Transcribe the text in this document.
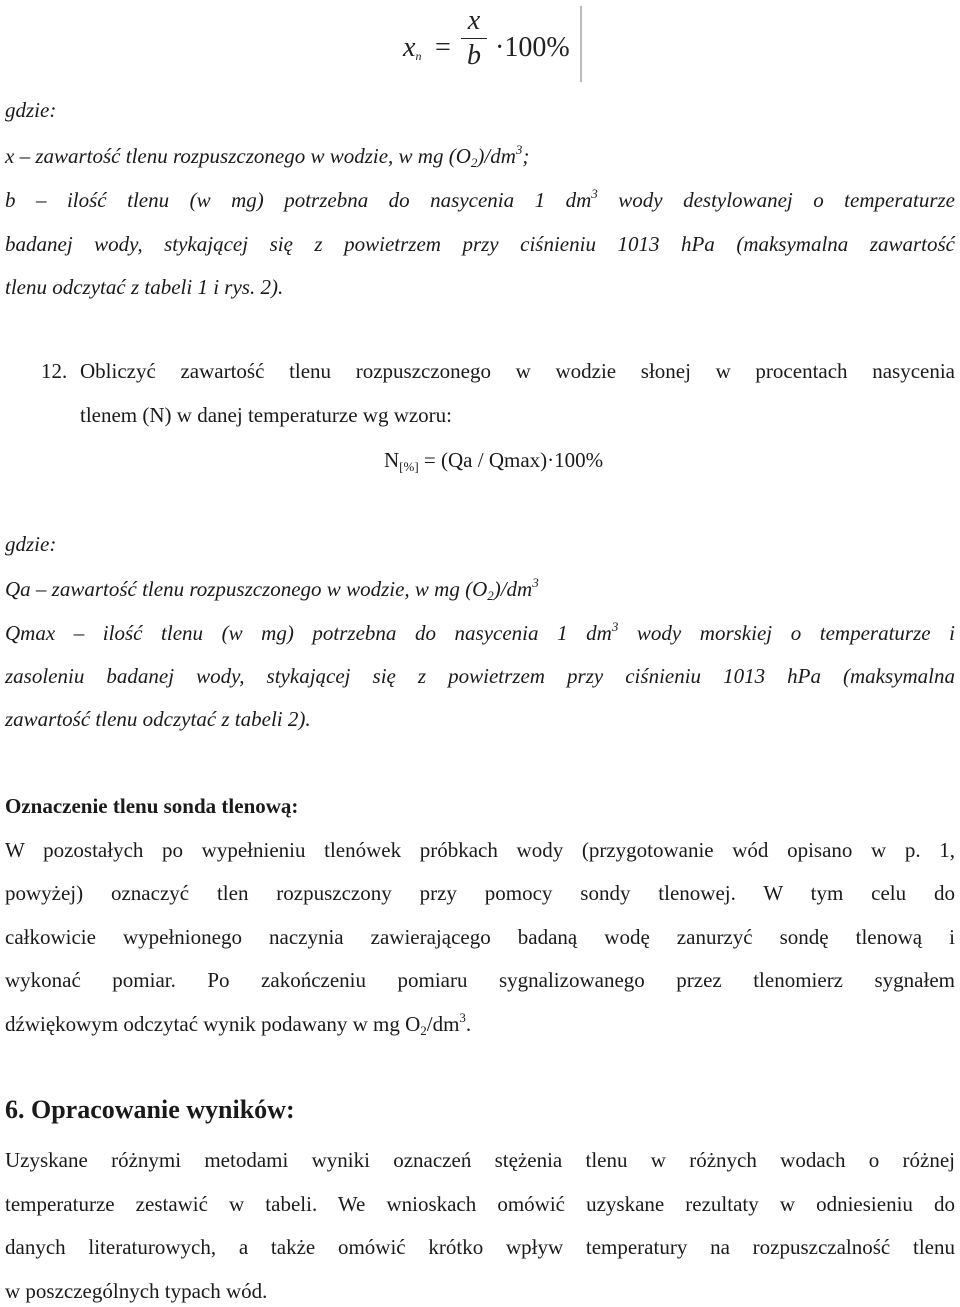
$x_n$ =
x
b ·100%
gdzie:
x – zawartość tlenu rozpuszczonego w wodzie, w mg $(O_2)/dm^3$;
b – ilość tlenu (w mg) potrzebna do nasycenia 1 $dm^3$ wody destylowanej o temperaturze
badanej wody, stykającej się z powietrzem przy ciśnieniu 1013 hPa (maksymalna zawartość
tlenu odczytać z tabeli 1 i rys. 2).
12. Obliczyć zawartość tlenu rozpuszczonego w wodzie słonej w procentach nasycenia
tlenem (N) w danej temperaturze wg wzoru:
$N_{[\%]} = (Qa / Qmax)\cdot 100\%$
gdzie:
Qa – zawartość tlenu rozpuszczonego w wodzie, w mg $(O_2)/dm^3$
Qmax – ilość tlenu (w mg) potrzebna do nasycenia 1 $dm^3$ wody morskiej o temperaturze i
zasoleniu badanej wody, stykającej się z powietrzem przy ciśnieniu 1013 hPa (maksymalna
zawartość tlenu odczytać z tabeli 2).
Oznaczenie tlenu sonda tlenową:
W pozostałych po wypełnieniu tlenówek próbkach wody (przygotowanie wód opisano w p. 1,
powyżej) oznaczyć tlen rozpuszczony przy pomocy sondy tlenowej. W tym celu do
całkowicie wypełnionego naczynia zawierającego badaną wodę zanurzyć sondę tlenową i
wykonać pomiar. Po zakończeniu pomiaru sygnalizowanego przez tlenomierz sygnałem
dźwiękowym odczytać wynik podawany w mg $O_2/dm^3$.
6. Opracowanie wyników:
Uzyskane różnymi metodami wyniki oznaczeń stężenia tlenu w różnych wodach o różnej
temperaturze zestawić w tabeli. We wnioskach omówić uzyskane rezultaty w odniesieniu do
danych literaturowych, a także omówić krótko wpływ temperatury na rozpuszczalność tlenu
w poszczególnych typach wód.
